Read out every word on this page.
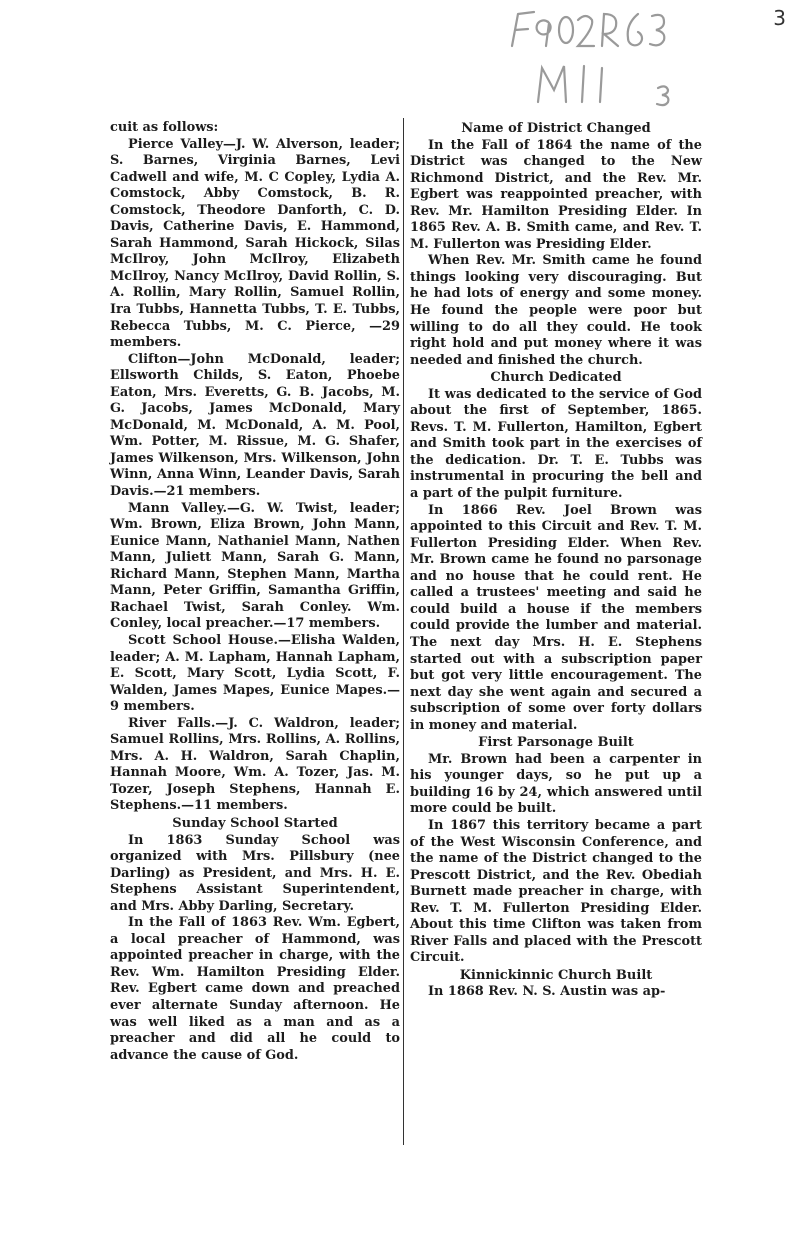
3

cuit as follows:

Pierce Valley—J. W. Alverson, leader; S. Barnes, Virginia Barnes, Levi Cadwell and wife, M. C Copley, Lydia A. Comstock, Abby Comstock, B. R. Comstock, Theodore Danforth, C. D. Davis, Catherine Davis, E. Hammond, Sarah Hammond, Sarah Hickock, Silas McIlroy, John McIlroy, Elizabeth McIlroy, Nancy McIlroy, David Rollin, S. A. Rollin, Mary Rollin, Samuel Rollin, Ira Tubbs, Hannetta Tubbs, T. E. Tubbs, Rebecca Tubbs, M. C. Pierce, —29 members.

Clifton—John McDonald, leader; Ellsworth Childs, S. Eaton, Phoebe Eaton, Mrs. Everetts, G. B. Jacobs, M. G. Jacobs, James McDonald, Mary McDonald, M. McDonald, A. M. Pool, Wm. Potter, M. Rissue, M. G. Shafer, James Wilkenson, Mrs. Wilkenson, John Winn, Anna Winn, Leander Davis, Sarah Davis.—21 members.

Mann Valley.—G. W. Twist, leader; Wm. Brown, Eliza Brown, John Mann, Eunice Mann, Nathaniel Mann, Nathen Mann, Juliett Mann, Sarah G. Mann, Richard Mann, Stephen Mann, Martha Mann, Peter Griffin, Samantha Griffin, Rachael Twist, Sarah Conley. Wm. Conley, local preacher.—17 members.

Scott School House.—Elisha Walden, leader; A. M. Lapham, Hannah Lapham, E. Scott, Mary Scott, Lydia Scott, F. Walden, James Mapes, Eunice Mapes.—9 members.

River Falls.—J. C. Waldron, leader; Samuel Rollins, Mrs. Rollins, A. Rollins, Mrs. A. H. Waldron, Sarah Chaplin, Hannah Moore, Wm. A. Tozer, Jas. M. Tozer, Joseph Stephens, Hannah E. Stephens.—11 members.

Sunday School Started

In 1863 Sunday School was organized with Mrs. Pillsbury (nee Darling) as President, and Mrs. H. E. Stephens Assistant Superintendent, and Mrs. Abby Darling, Secretary.

In the Fall of 1863 Rev. Wm. Egbert, a local preacher of Hammond, was appointed preacher in charge, with the Rev. Wm. Hamilton Presiding Elder. Rev. Egbert came down and preached ever alternate Sunday afternoon. He was well liked as a man and as a preacher and did all he could to advance the cause of God.

Name of District Changed

In the Fall of 1864 the name of the District was changed to the New Richmond District, and the Rev. Mr. Egbert was reappointed preacher, with Rev. Mr. Hamilton Presiding Elder. In 1865 Rev. A. B. Smith came, and Rev. T. M. Fullerton was Presiding Elder.

When Rev. Mr. Smith came he found things looking very discouraging. But he had lots of energy and some money. He found the people were poor but willing to do all they could. He took right hold and put money where it was needed and finished the church.

Church Dedicated

It was dedicated to the service of God about the first of September, 1865. Revs. T. M. Fullerton, Hamilton, Egbert and Smith took part in the exercises of the dedication. Dr. T. E. Tubbs was instrumental in procuring the bell and a part of the pulpit furniture.

In 1866 Rev. Joel Brown was appointed to this Circuit and Rev. T. M. Fullerton Presiding Elder. When Rev. Mr. Brown came he found no parsonage and no house that he could rent. He called a trustees' meeting and said he could build a house if the members could provide the lumber and material. The next day Mrs. H. E. Stephens started out with a subscription paper but got very little encouragement. The next day she went again and secured a subscription of some over forty dollars in money and material.

First Parsonage Built

Mr. Brown had been a carpenter in his younger days, so he put up a building 16 by 24, which answered until more could be built.

In 1867 this territory became a part of the West Wisconsin Conference, and the name of the District changed to the Prescott District, and the Rev. Obediah Burnett made preacher in charge, with Rev. T. M. Fullerton Presiding Elder. About this time Clifton was taken from River Falls and placed with the Prescott Circuit.

Kinnickinnic Church Built

In 1868 Rev. N. S. Austin was ap-
